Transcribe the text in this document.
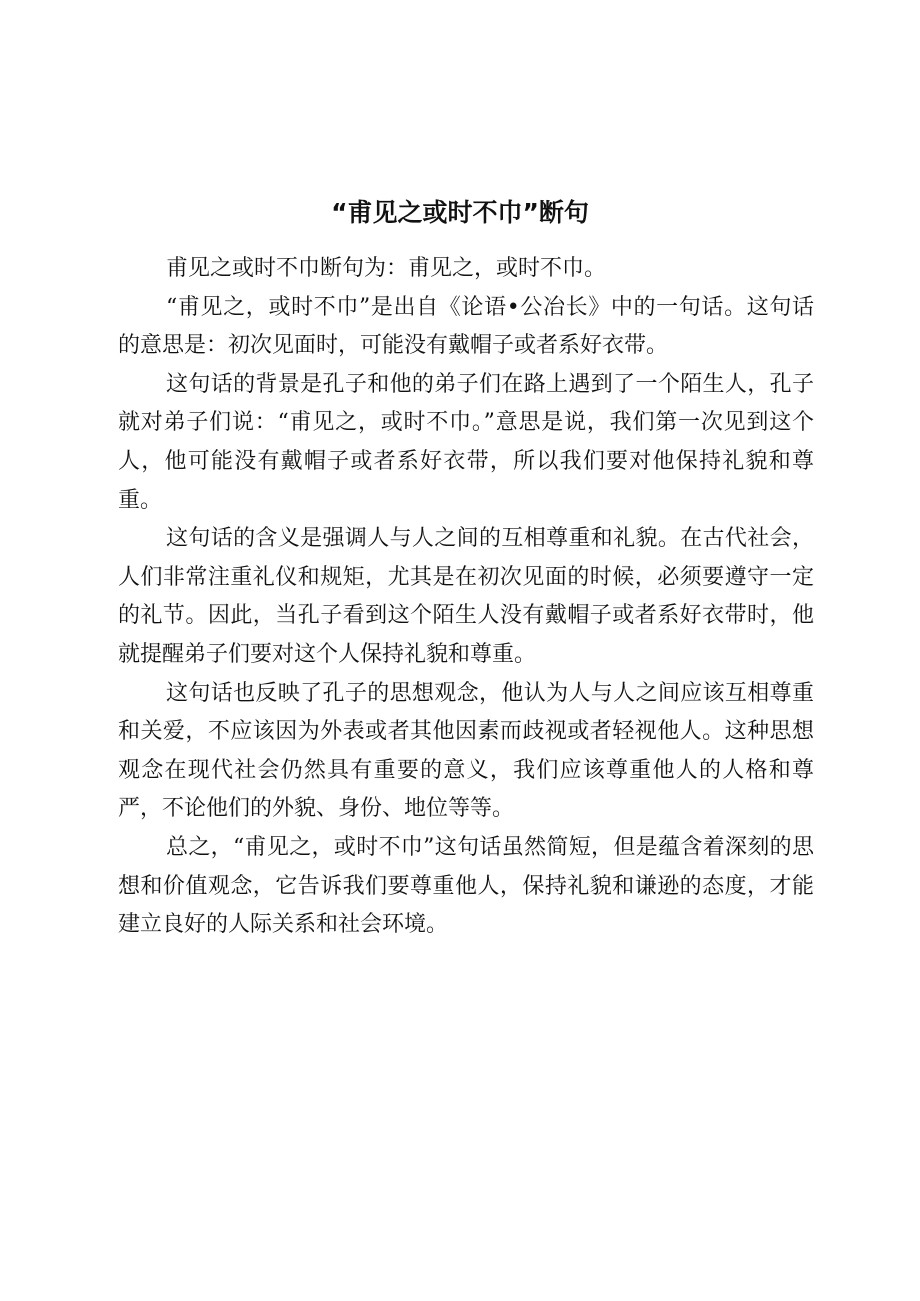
“甫见之或时不巾”断句

甫见之或时不巾断句为：甫见之，或时不巾。

“甫见之，或时不巾”是出自《论语•公冶长》中的一句话。这句话的意思是：初次见面时，可能没有戴帽子或者系好衣带。

这句话的背景是孔子和他的弟子们在路上遇到了一个陌生人，孔子就对弟子们说：“甫见之，或时不巾。”意思是说，我们第一次见到这个人，他可能没有戴帽子或者系好衣带，所以我们要对他保持礼貌和尊重。

这句话的含义是强调人与人之间的互相尊重和礼貌。在古代社会，人们非常注重礼仪和规矩，尤其是在初次见面的时候，必须要遵守一定的礼节。因此，当孔子看到这个陌生人没有戴帽子或者系好衣带时，他就提醒弟子们要对这个人保持礼貌和尊重。

这句话也反映了孔子的思想观念，他认为人与人之间应该互相尊重和关爱，不应该因为外表或者其他因素而歧视或者轻视他人。这种思想观念在现代社会仍然具有重要的意义，我们应该尊重他人的人格和尊严，不论他们的外貌、身份、地位等等。

总之，“甫见之，或时不巾”这句话虽然简短，但是蕴含着深刻的思想和价值观念，它告诉我们要尊重他人，保持礼貌和谦逊的态度，才能建立良好的人际关系和社会环境。
